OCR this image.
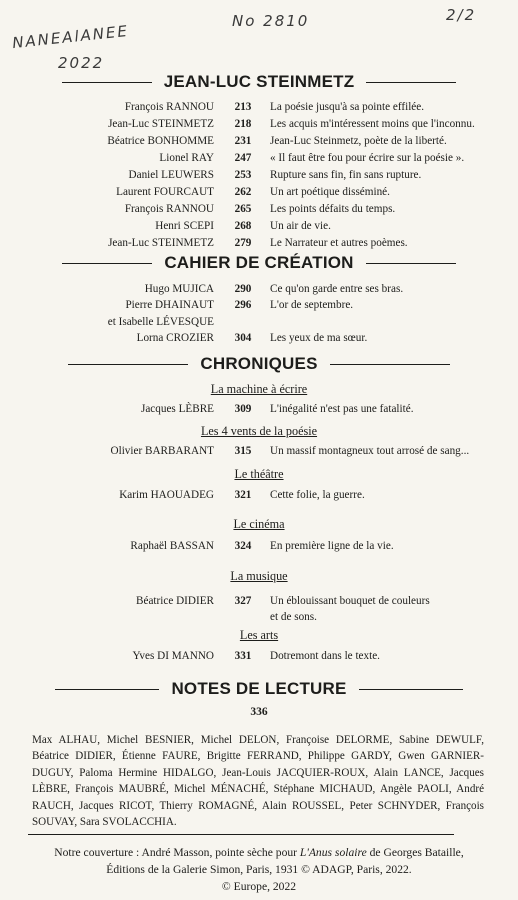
NANEAlANEE
2022
No 2810	2/2
JEAN-LUC STEINMETZ
François RANNOU	213	La poésie jusqu'à sa pointe effilée.
Jean-Luc STEINMETZ	218	Les acquis m'intéressent moins que l'inconnu.
Béatrice BONHOMME	231	Jean-Luc Steinmetz, poète de la liberté.
Lionel RAY	247	« Il faut être fou pour écrire sur la poésie ».
Daniel LEUWERS	253	Rupture sans fin, fin sans rupture.
Laurent FOURCAUT	262	Un art poétique disséminé.
François RANNOU	265	Les points défaits du temps.
Henri SCEPI	268	Un air de vie.
Jean-Luc STEINMETZ	279	Le Narrateur et autres poèmes.
CAHIER DE CRÉATION
Hugo MUJICA	290	Ce qu'on garde entre ses bras.
Pierre DHAINAUT	296	L'or de septembre.
et Isabelle LÉVESQUE
Lorna CROZIER	304	Les yeux de ma sœur.
CHRONIQUES
La machine à écrire
Jacques LÈBRE	309	L'inégalité n'est pas une fatalité.
Les 4 vents de la poésie
Olivier BARBARANT	315	Un massif montagneux tout arrosé de sang...
Le théâtre
Karim HAOUADEG	321	Cette folie, la guerre.
Le cinéma
Raphaël BASSAN	324	En première ligne de la vie.
La musique
Béatrice DIDIER	327	Un éblouissant bouquet de couleurs
et de sons.
Les arts
Yves DI MANNO	331	Dotremont dans le texte.
NOTES DE LECTURE
336
Max ALHAU, Michel BESNIER, Michel DELON, Françoise DELORME, Sabine DEWULF, Béatrice DIDIER, Étienne FAURE, Brigitte FERRAND, Philippe GARDY, Gwen GARNIER-DUGUY, Paloma Hermine HIDALGO, Jean-Louis JACQUIER-ROUX, Alain LANCE, Jacques LÈBRE, François MAUBRÉ, Michel MÉNACHÉ, Stéphane MICHAUD, Angèle PAOLI, André RAUCH, Jacques RICOT, Thierry ROMAGNÉ, Alain ROUSSEL, Peter SCHNYDER, François SOUVAY, Sara SVOLACCHIA.
Notre couverture : André Masson, pointe sèche pour L'Anus solaire de Georges Bataille,
Éditions de la Galerie Simon, Paris, 1931 © ADAGP, Paris, 2022.
© Europe, 2022
